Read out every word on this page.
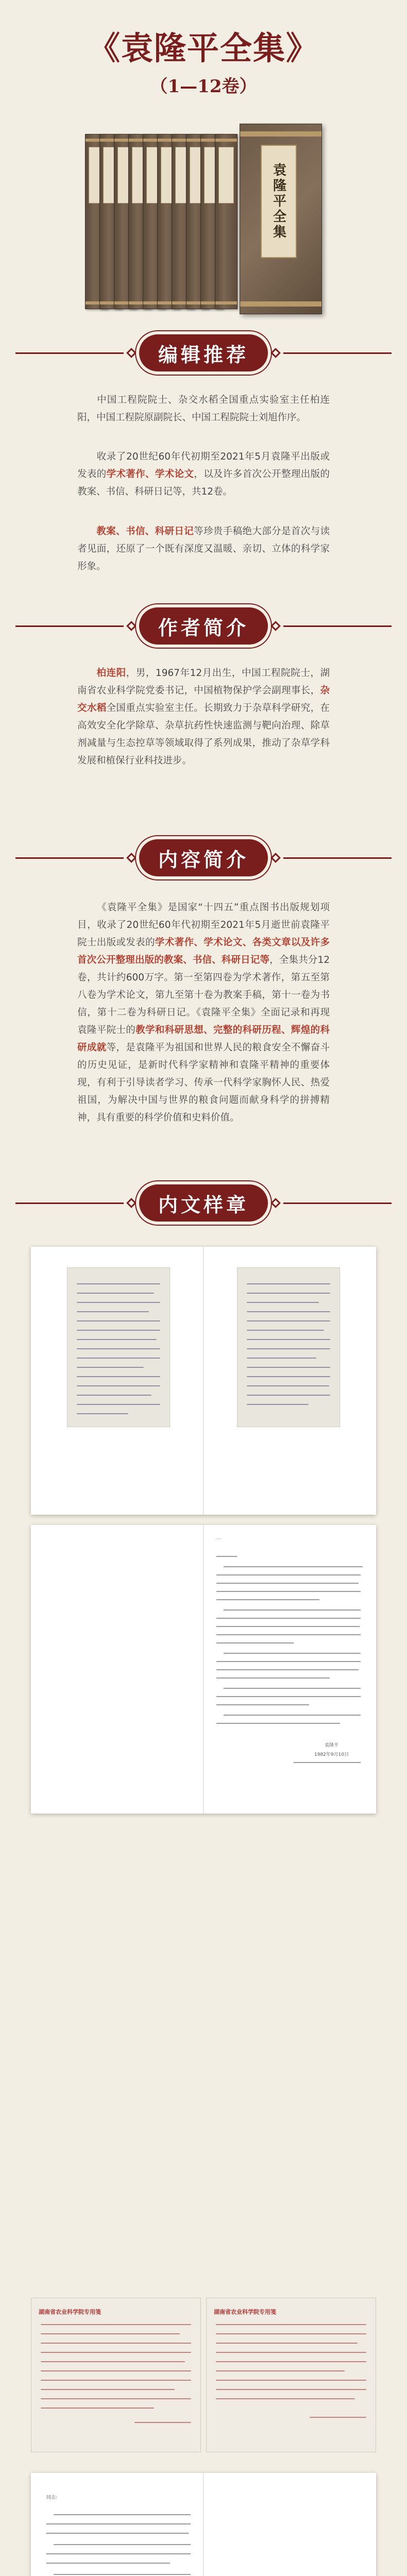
《袁隆平全集》
（1—12卷）
袁隆平全集
编辑推荐
中国工程院院士、杂交水稻全国重点实验室主任柏连阳，中国工程院原副院长、中国工程院院士刘旭作序。
收录了20世纪60年代初期至2021年5月袁隆平出版或发表的学术著作、学术论文，以及许多首次公开整理出版的教案、书信、科研日记等，共12卷。
教案、书信、科研日记等珍贵手稿绝大部分是首次与读者见面，还原了一个既有深度又温暖、亲切、立体的科学家形象。
作者简介
柏连阳，男，1967年12月出生，中国工程院院士，湖南省农业科学院党委书记，中国植物保护学会副理事长，杂交水稻全国重点实验室主任。长期致力于杂草科学研究，在高效安全化学除草、杂草抗药性快速监测与靶向治理、除草剂减量与生态控草等领域取得了系列成果，推动了杂草学科发展和植保行业科技进步。
内容简介
《袁隆平全集》是国家“十四五”重点图书出版规划项目，收录了20世纪60年代初期至2021年5月逝世前袁隆平院士出版或发表的学术著作、学术论文、各类文章以及许多首次公开整理出版的教案、书信、科研日记等，全集共分12卷，共计约600万字。第一至第四卷为学术著作，第五至第八卷为学术论文，第九至第十卷为教案手稿，第十一卷为书信，第十二卷为科研日记。《袁隆平全集》全面记录和再现袁隆平院士的教学和科研思想、完整的科研历程、辉煌的科研成就等，是袁隆平为祖国和世界人民的粮食安全不懈奋斗的历史见证，是新时代科学家精神和袁隆平精神的重要体现，有利于引导读者学习、传承一代科学家胸怀人民、热爱祖国，为解决中国与世界的粮食问题而献身科学的拼搏精神，具有重要的科学价值和史料价值。
内文样章
…
袁隆平
1982年9月10日
湖南省农业科学院专用笺	湖南省农业科学院专用笺
同志：
